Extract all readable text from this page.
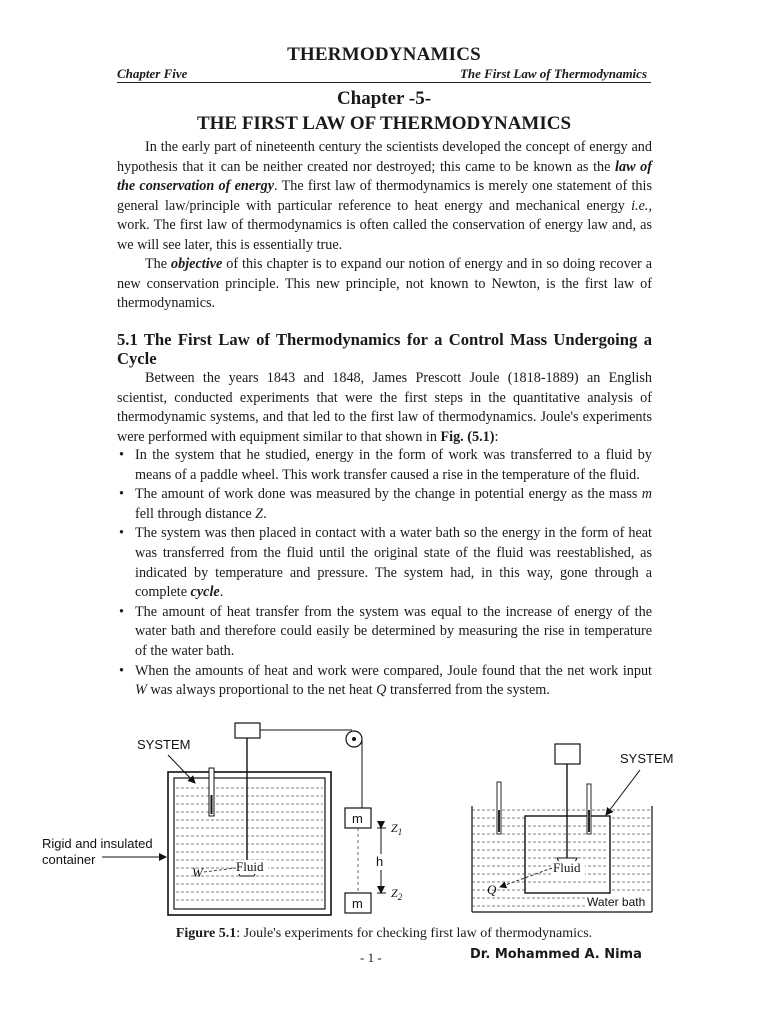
THERMODYNAMICS
Chapter Five	The First Law of Thermodynamics
Chapter -5-
THE FIRST LAW OF THERMODYNAMICS

In the early part of nineteenth century the scientists developed the concept of energy and hypothesis that it can be neither created nor destroyed; this came to be known as the law of the conservation of energy. The first law of thermodynamics is merely one statement of this general law/principle with particular reference to heat energy and mechanical energy i.e., work. The first law of thermodynamics is often called the conservation of energy law and, as we will see later, this is essentially true.

The objective of this chapter is to expand our notion of energy and in so doing recover a new conservation principle. This new principle, not known to Newton, is the first law of thermodynamics.

5.1 The First Law of Thermodynamics for a Control Mass Undergoing a Cycle

Between the years 1843 and 1848, James Prescott Joule (1818-1889) an English scientist, conducted experiments that were the first steps in the quantitative analysis of thermodynamic systems, and that led to the first law of thermodynamics. Joule's experiments were performed with equipment similar to that shown in Fig. (5.1):

• In the system that he studied, energy in the form of work was transferred to a fluid by means of a paddle wheel. This work transfer caused a rise in the temperature of the fluid.
• The amount of work done was measured by the change in potential energy as the mass m fell through distance Z.
• The system was then placed in contact with a water bath so the energy in the form of heat was transferred from the fluid until the original state of the fluid was reestablished, as indicated by temperature and pressure. The system had, in this way, gone through a complete cycle.
• The amount of heat transfer from the system was equal to the increase of energy of the water bath and therefore could easily be determined by measuring the rise in temperature of the water bath.
• When the amounts of heat and work were compared, Joule found that the net work input W was always proportional to the net heat Q transferred from the system.
SYSTEM
m
m
h
$Z_1$
$Z_2$
Rigid and insulated
container	Fluid
W
SYSTEM
Fluid
Q
Water bath
Figure 5.1: Joule's experiments for checking first law of thermodynamics.
- 1 -	Dr. Mohammed A. Nima
